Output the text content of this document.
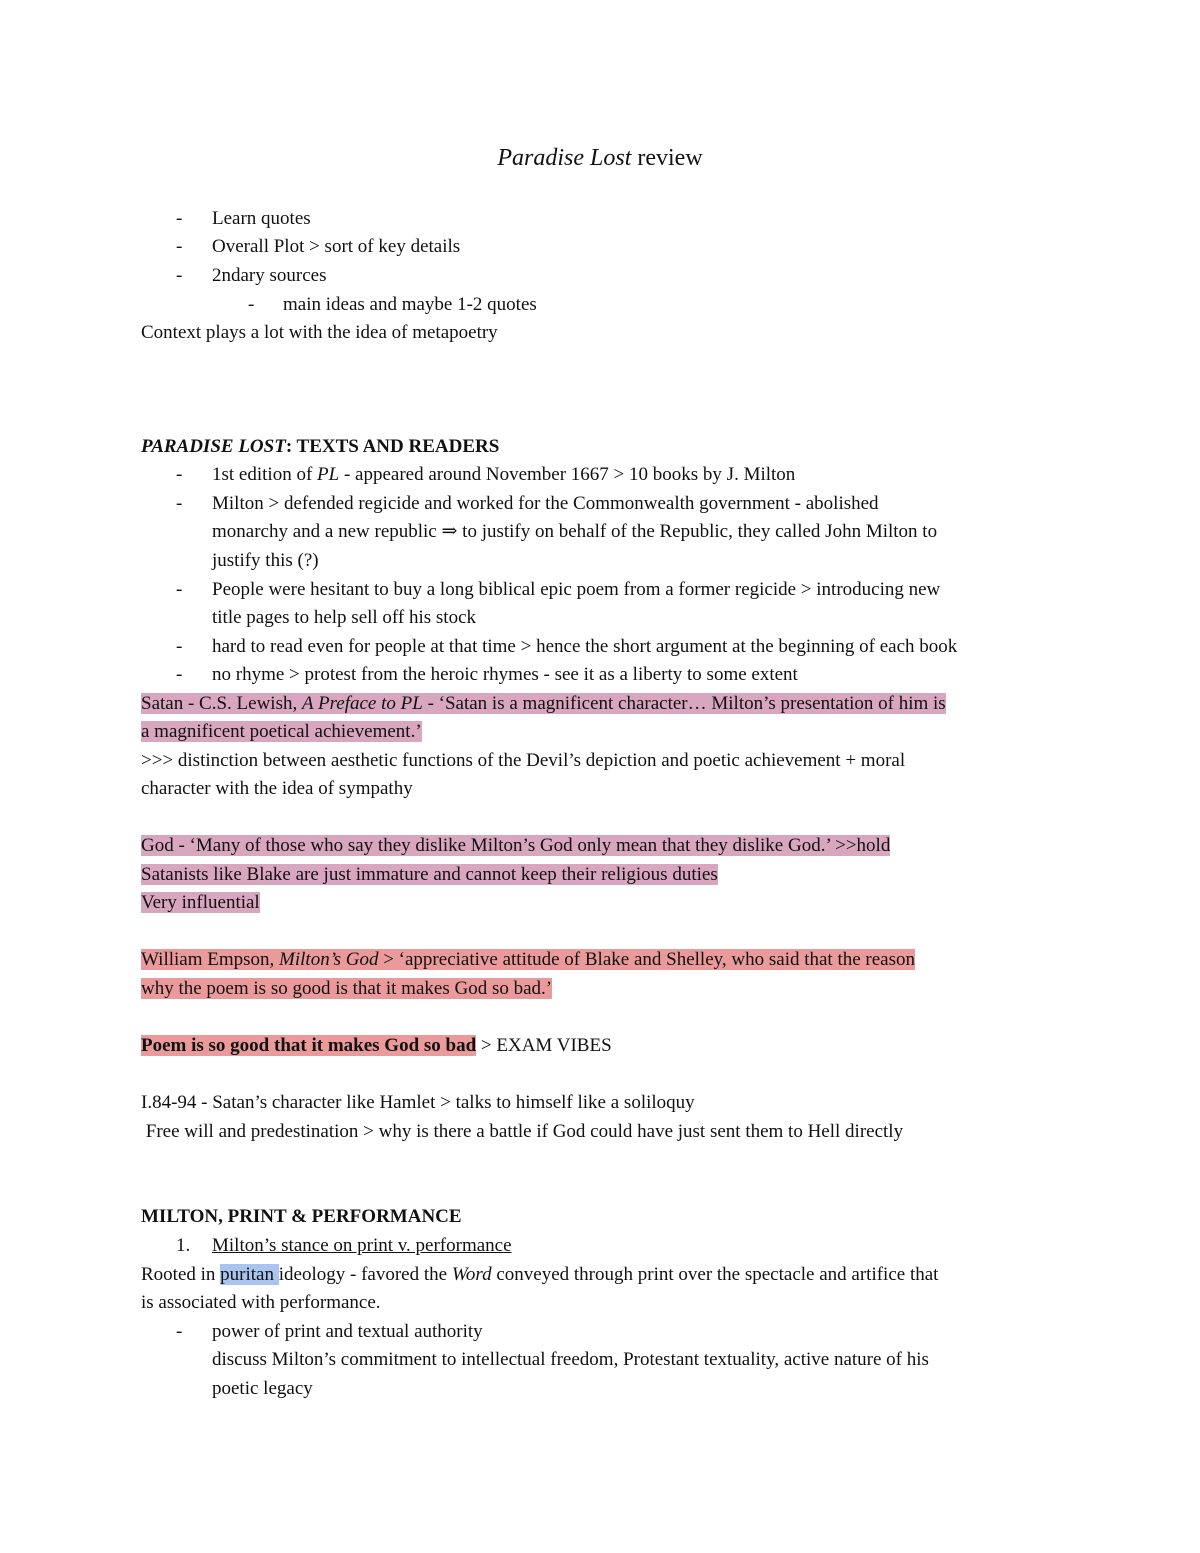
Paradise Lost review
- Learn quotes
- Overall Plot > sort of key details
- 2ndary sources
- main ideas and maybe 1-2 quotes
Context plays a lot with the idea of metapoetry
PARADISE LOST: TEXTS AND READERS
- 1st edition of PL - appeared around November 1667 > 10 books by J. Milton
- Milton > defended regicide and worked for the Commonwealth government - abolished
monarchy and a new republic ⇒ to justify on behalf of the Republic, they called John Milton to
justify this (?)
- People were hesitant to buy a long biblical epic poem from a former regicide > introducing new
title pages to help sell off his stock
- hard to read even for people at that time > hence the short argument at the beginning of each book
- no rhyme > protest from the heroic rhymes - see it as a liberty to some extent
Satan - C.S. Lewish, A Preface to PL - ‘Satan is a magnificent character… Milton’s presentation of him is
a magnificent poetical achievement.’
>>> distinction between aesthetic functions of the Devil’s depiction and poetic achievement + moral
character with the idea of sympathy
God - ‘Many of those who say they dislike Milton’s God only mean that they dislike God.’ >>hold
Satanists like Blake are just immature and cannot keep their religious duties
Very influential
William Empson, Milton’s God > ‘appreciative attitude of Blake and Shelley, who said that the reason
why the poem is so good is that it makes God so bad.’
Poem is so good that it makes God so bad > EXAM VIBES
I.84-94 - Satan’s character like Hamlet > talks to himself like a soliloquy
Free will and predestination > why is there a battle if God could have just sent them to Hell directly
MILTON, PRINT & PERFORMANCE
1. Milton’s stance on print v. performance
Rooted in puritan ideology - favored the Word conveyed through print over the spectacle and artifice that
is associated with performance.
- power of print and textual authority
discuss Milton’s commitment to intellectual freedom, Protestant textuality, active nature of his
poetic legacy
